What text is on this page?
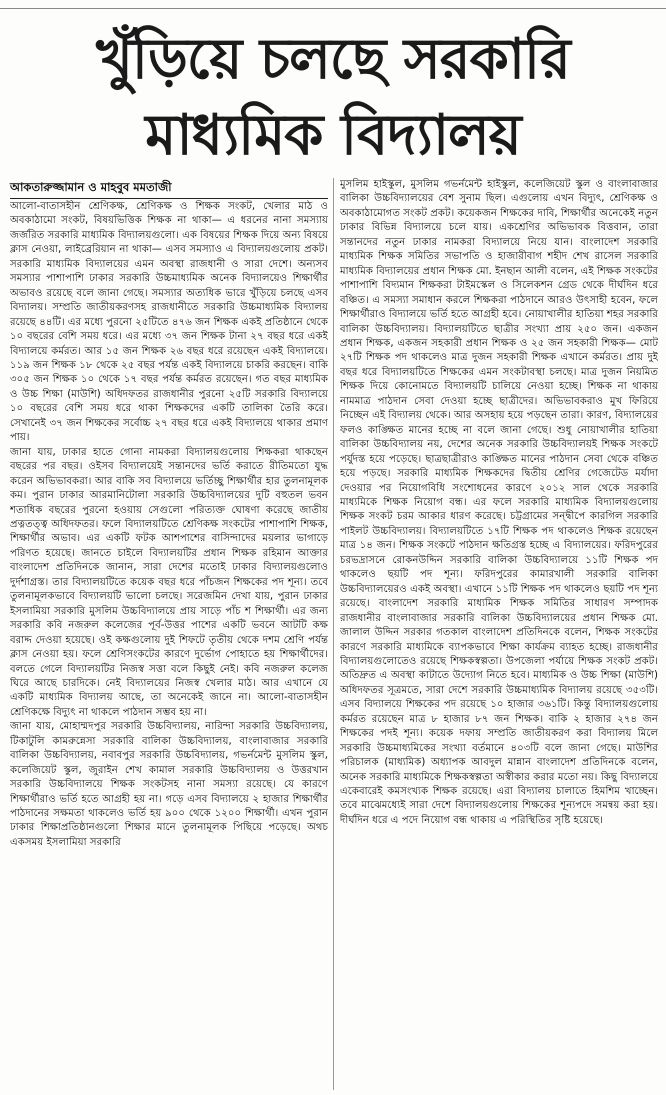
খুঁড়িয়ে চলছে সরকারি
মাধ্যমিক বিদ্যালয়
আকতারুজ্জামান ও মাহবুব মমতাজী

আলো-বাতাসহীন শ্রেণিকক্ষ, শ্রেণিকক্ষ ও শিক্ষক সংকট, খেলার মাঠ ও অবকাঠামো সংকট, বিষয়ভিত্তিক শিক্ষক না থাকা— এ ধরনের নানা সমস্যায় জর্জরিত সরকারি মাধ্যমিক বিদ্যালয়গুলো। এক বিষয়ের শিক্ষক দিয়ে অন্য বিষয়ে ক্লাস নেওয়া, লাইব্রেরিয়ান না থাকা— এসব সমস্যাও এ বিদ্যালয়গুলোয় প্রকট। সরকারি মাধ্যমিক বিদ্যালয়ের এমন অবস্থা রাজধানী ও সারা দেশে। অন্যসব সমস্যার পাশাপাশি ঢাকার সরকারি উচ্চমাধ্যমিক অনেক বিদ্যালয়েও শিক্ষার্থীর অভাবও রয়েছে বলে জানা গেছে। সমস্যার অত্যধিক ভারে খুঁড়িয়ে চলছে এসব বিদ্যালয়। সম্প্রতি জাতীয়করণসহ রাজধানীতে সরকারি উচ্চমাধ্যমিক বিদ্যালয় রয়েছে ৪৪টি। এর মধ্যে পুরনো ২৫টিতে ৪৭৬ জন শিক্ষক একই প্রতিষ্ঠানে থেকে ১০ বছরের বেশি সময় ধরে। এর মধ্যে ৩৭ জন শিক্ষক টানা ২৭ বছর ধরে একই বিদ্যালয়ে কর্মরত। আর ১৫ জন শিক্ষক ২৬ বছর ধরে রয়েছেন একই বিদ্যালয়ে। ১১৯ জন শিক্ষক ১৮ থেকে ২৫ বছর পর্যন্ত একই বিদ্যালয়ে চাকরি করছেন। বাকি ৩০৫ জন শিক্ষক ১০ থেকে ১৭ বছর পর্যন্ত কর্মরত রয়েছেন। গত বছর মাধ্যমিক ও উচ্চ শিক্ষা (মাউশি) অধিদফতর রাজধানীর পুরনো ২৫টি সরকারি বিদ্যালয়ে ১০ বছরের বেশি সময় ধরে থাকা শিক্ষকদের একটি তালিকা তৈরি করে। সেখানেই ৩৭ জন শিক্ষকের সর্বোচ্চ ২৭ বছর ধরে একই বিদ্যালয়ে থাকার প্রমাণ পায়।

জানা যায়, ঢাকার হাতে গোনা নামকরা বিদ্যালয়গুলোয় শিক্ষকরা থাকছেন বছরের পর বছর। ওইসব বিদ্যালয়েই সন্তানদের ভর্তি করাতে রীতিমতো যুদ্ধ করেন অভিভাবকরা। আর বাকি সব বিদ্যালয়ে ভর্তিচ্ছু শিক্ষার্থীর হার তুলনামূলক কম। পুরান ঢাকার আরমানিটোলা সরকারি উচ্চবিদ্যালয়ের দুটি বহুতল ভবন শতাধিক বছরের পুরনো হওয়ায় সেগুলো পরিত্যক্ত ঘোষণা করেছে জাতীয় প্রত্নতত্ত্ব অধিদফতর। ফলে বিদ্যালয়টিতে শ্রেণিকক্ষ সংকটের পাশাপাশি শিক্ষক, শিক্ষার্থীর অভাব। এর একটি ফটক আশপাশের বাসিন্দাদের ময়লার ভাগাড়ে পরিণত হয়েছে। জানতে চাইলে বিদ্যালয়টির প্রধান শিক্ষক রহিমান আক্তার বাংলাদেশ প্রতিদিনকে জানান, সারা দেশের মতোই ঢাকার বিদ্যালয়গুলোও দুর্দশাগ্রস্ত। তার বিদ্যালয়টিতে কয়েক বছর ধরে পাঁচজন শিক্ষকের পদ শূন্য। তবে তুলনামূলকভাবে বিদ্যালয়টি ভালো চলছে। সরেজমিন দেখা যায়, পুরান ঢাকার ইসলামিয়া সরকারি মুসলিম উচ্চবিদ্যালয়ে প্রায় সাড়ে পাঁচ শ শিক্ষার্থী। এর জন্য সরকারি কবি নজরুল কলেজের পূর্ব-উত্তর পাশের একটি ভবনে আটটি কক্ষ বরাদ্দ দেওয়া হয়েছে। ওই কক্ষগুলোয় দুই শিফটে তৃতীয় থেকে দশম শ্রেণি পর্যন্ত ক্লাস নেওয়া হয়। ফলে শ্রেণিসংকটের কারণে দুর্ভোগ পোহাতে হয় শিক্ষার্থীদের। বলতে গেলে বিদ্যালয়টির নিজস্ব সত্তা বলে কিছুই নেই। কবি নজরুল কলেজ ঘিরে আছে চারদিকে। নেই বিদ্যালয়ের নিজস্ব খেলার মাঠ। আর এখানে যে একটি মাধ্যমিক বিদ্যালয় আছে, তা অনেকেই জানে না। আলো-বাতাসহীন শ্রেণিকক্ষে বিদ্যুৎ না থাকলে পাঠদান সম্ভব হয় না।

জানা যায়, মোহাম্মদপুর সরকারি উচ্চবিদ্যালয়, নারিন্দা সরকারি উচ্চবিদ্যালয়, টিকাটুলি কামরুন্নেসা সরকারি বালিকা উচ্চবিদ্যালয়, বাংলাবাজার সরকারি বালিকা উচ্চবিদ্যালয়, নবাবপুর সরকারি উচ্চবিদ্যালয়, গভর্নমেন্ট মুসলিম স্কুল, কলেজিয়েট স্কুল, জুরাইন শেখ কামাল সরকারি উচ্চবিদ্যালয় ও উত্তরখান সরকারি উচ্চবিদ্যালয়ে শিক্ষক সংকটসহ নানা সমস্যা রয়েছে। যে কারণে শিক্ষার্থীরাও ভর্তি হতে আগ্রহী হয় না। গড়ে এসব বিদ্যালয়ে ২ হাজার শিক্ষার্থীর পাঠদানের সক্ষমতা থাকলেও ভর্তি হয় ৯০০ থেকে ১২০০ শিক্ষার্থী। এখন পুরান ঢাকার শিক্ষাপ্রতিষ্ঠানগুলো শিক্ষার মানে তুলনামূলক পিছিয়ে পড়েছে। অথচ একসময় ইসলামিয়া সরকারি

মুসলিম হাইস্কুল, মুসলিম গভর্নমেন্ট হাইস্কুল, কলেজিয়েট স্কুল ও বাংলাবাজার বালিকা উচ্চবিদ্যালয়ের বেশ সুনাম ছিল। এগুলোয় এখন বিদ্যুৎ, শ্রেণিকক্ষ ও অবকাঠামোগত সংকট প্রকট। কয়েকজন শিক্ষকের দাবি, শিক্ষার্থীর অনেকেই নতুন ঢাকার বিভিন্ন বিদ্যালয়ে চলে যায়। একশ্রেণির অভিভাবক বিত্তবান, তারা সন্তানদের নতুন ঢাকার নামকরা বিদ্যালয়ে নিয়ে যান। বাংলাদেশ সরকারি মাধ্যমিক শিক্ষক সমিতির সভাপতি ও হাজারীবাগ শহীদ শেখ রাসেল সরকারি মাধ্যমিক বিদ্যালয়ের প্রধান শিক্ষক মো. ইনছান আলী বলেন, এই শিক্ষক সংকটের পাশাপাশি বিদ্যমান শিক্ষকরা টাইমস্কেল ও সিলেকশন গ্রেড থেকে দীর্ঘদিন ধরে বঞ্চিত। এ সমস্যা সমাধান করলে শিক্ষকরা পাঠদানে আরও উৎসাহী হবেন, ফলে শিক্ষার্থীরাও বিদ্যালয়ে ভর্তি হতে আগ্রহী হবে। নোয়াখালীর হাতিয়া শহর সরকারি বালিকা উচ্চবিদ্যালয়। বিদ্যালয়টিতে ছাত্রীর সংখ্যা প্রায় ২৫০ জন। একজন প্রধান শিক্ষক, একজন সহকারী প্রধান শিক্ষক ও ২৫ জন সহকারী শিক্ষক— মোট ২৭টি শিক্ষক পদ থাকলেও মাত্র দুজন সহকারী শিক্ষক এখানে কর্মরত। প্রায় দুই বছর ধরে বিদ্যালয়টিতে শিক্ষকের এমন সংকটাবস্থা চলছে। মাত্র দুজন নিয়মিত শিক্ষক দিয়ে কোনোমতে বিদ্যালয়টি চালিয়ে নেওয়া হচ্ছে। শিক্ষক না থাকায় নামমাত্র পাঠদান সেবা দেওয়া হচ্ছে ছাত্রীদের। অভিভাবকরাও মুখ ফিরিয়ে নিচ্ছেন এই বিদ্যালয় থেকে। আর অসহায় হয়ে পড়ছেন তারা। কারণ, বিদ্যালয়ের ফলও কাঙ্ক্ষিত মানের হচ্ছে না বলে জানা গেছে। শুধু নোয়াখালীর হাতিয়া বালিকা উচ্চবিদ্যালয় নয়, দেশের অনেক সরকারি উচ্চবিদ্যালয়ই শিক্ষক সংকটে পর্যুদস্ত হয়ে পড়েছে। ছাত্রছাত্রীরাও কাঙ্ক্ষিত মানের পাঠদান সেবা থেকে বঞ্চিত হয়ে পড়ছে। সরকারি মাধ্যমিক শিক্ষকদের দ্বিতীয় শ্রেণির গেজেটেড মর্যাদা দেওয়ার পর নিয়োগবিধি সংশোধনের কারণে ২০১২ সাল থেকে সরকারি মাধ্যমিকে শিক্ষক নিয়োগ বন্ধ। এর ফলে সরকারি মাধ্যমিক বিদ্যালয়গুলোয় শিক্ষক সংকট চরম আকার ধারণ করেছে। চট্টগ্রামের সন্দ্বীপে কারগিল সরকারি পাইলট উচ্চবিদ্যালয়। বিদ্যালয়টিতে ১৭টি শিক্ষক পদ থাকলেও শিক্ষক রয়েছেন মাত্র ১৪ জন। শিক্ষক সংকটে পাঠদান ক্ষতিগ্রস্ত হচ্ছে এ বিদ্যালয়ের। ফরিদপুরের চরভদ্রাসনে রোকনউদ্দিন সরকারি বালিকা উচ্চবিদ্যালয়ে ১১টি শিক্ষক পদ থাকলেও ছয়টি পদ শূন্য। ফরিদপুরের কামারখালী সরকারি বালিকা উচ্চবিদ্যালয়েরও একই অবস্থা। এখানে ১১টি শিক্ষক পদ থাকলেও ছয়টি পদ শূন্য রয়েছে। বাংলাদেশ সরকারি মাধ্যমিক শিক্ষক সমিতির সাধারণ সম্পাদক রাজধানীর বাংলাবাজার সরকারি বালিকা উচ্চবিদ্যালয়ের প্রধান শিক্ষক মো. জালাল উদ্দিন সরকার গতকাল বাংলাদেশ প্রতিদিনকে বলেন, শিক্ষক সংকটের কারণে সরকারি মাধ্যমিকে ব্যাপকভাবে শিক্ষা কার্যক্রম ব্যাহত হচ্ছে। রাজধানীর বিদ্যালয়গুলোতেও রয়েছে শিক্ষকস্বল্পতা। উপজেলা পর্যায়ে শিক্ষক সংকট প্রকট। অতিদ্রুত এ অবস্থা কাটাতে উদ্যোগ নিতে হবে। মাধ্যমিক ও উচ্চ শিক্ষা (মাউশি) অধিদফতর সূত্রমতে, সারা দেশে সরকারি উচ্চমাধ্যমিক বিদ্যালয় রয়েছে ৩৫৩টি। এসব বিদ্যালয়ে শিক্ষকের পদ রয়েছে ১০ হাজার ৩৬১টি। কিন্তু বিদ্যালয়গুলোয় কর্মরত রয়েছেন মাত্র ৮ হাজার ৮৭ জন শিক্ষক। বাকি ২ হাজার ২৭৪ জন শিক্ষকের পদই শূন্য। কয়েক দফায় সম্প্রতি জাতীয়করণ করা বিদ্যালয় মিলে সরকারি উচ্চমাধ্যমিকের সংখ্যা বর্তমানে ৪০৩টি বলে জানা গেছে। মাউশির পরিচালক (মাধ্যমিক) অধ্যাপক আবদুল মান্নান বাংলাদেশ প্রতিদিনকে বলেন, অনেক সরকারি মাধ্যমিকে শিক্ষকস্বল্পতা অস্বীকার করার মতো নয়। কিছু বিদ্যালয়ে একেবারেই কমসংখ্যক শিক্ষক রয়েছে। এরা বিদ্যালয় চালাতে হিমশিম খাচ্ছেন। তবে মাঝেমধ্যেই সারা দেশে বিদ্যালয়গুলোয় শিক্ষকের শূন্যপদে সমন্বয় করা হয়। দীর্ঘদিন ধরে এ পদে নিয়োগ বন্ধ থাকায় এ পরিস্থিতির সৃষ্টি হয়েছে।
